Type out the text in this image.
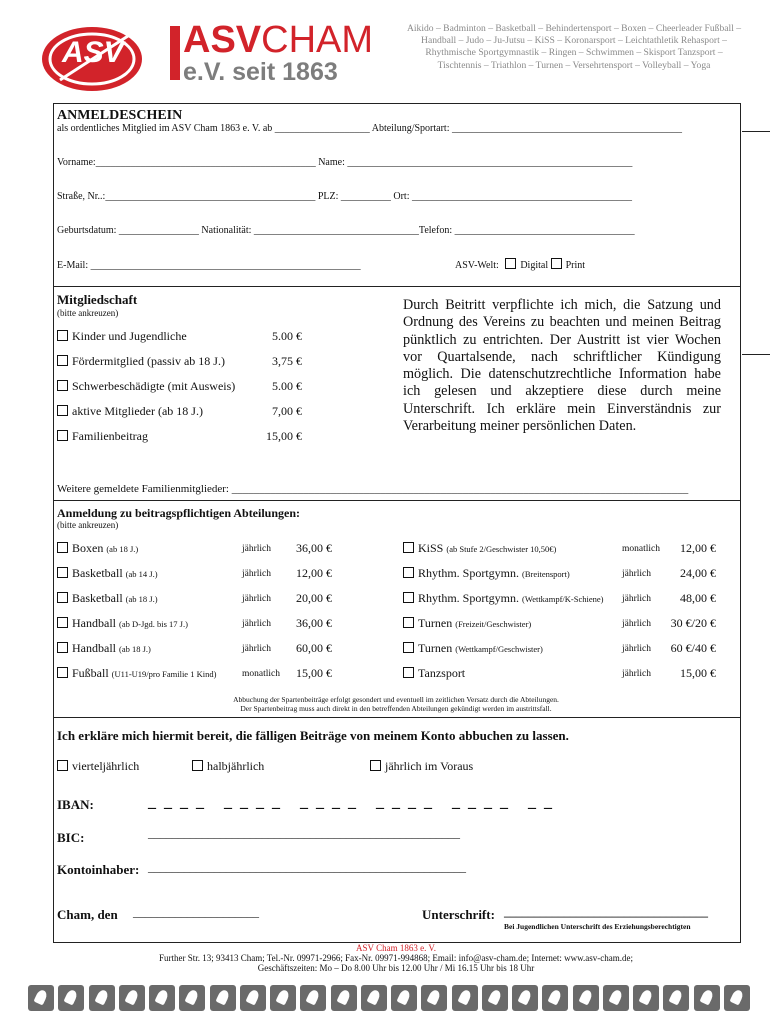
ASV ASVCHAM
e.V. seit 1863
Aikido – Badminton – Basketball – Behindertensport – Boxen – Cheerleader Fußball – Handball – Judo – Ju-Jutsu – KiSS – Koronarsport – Leichtathletik Rehasport – Rhythmische Sportgymnastik – Ringen – Schwimmen – Skisport Tanzsport – Tischtennis – Triathlon – Turnen – Versehrtensport – Volleyball – Yoga
ANMELDESCHEIN
als ordentliches Mitglied im ASV Cham 1863 e. V. ab ___________________ Abteilung/Sportart: ______________________________________________
Vorname:____________________________________________ Name: _________________________________________________________
Straße, Nr..:__________________________________________ PLZ: __________ Ort: ____________________________________________
Geburtsdatum: ________________ Nationalität: _________________________________Telefon: ____________________________________
E-Mail: ______________________________________________________	ASV-Welt: Digital Print
Mitgliedschaft
(bitte ankreuzen)
Kinder und Jugendliche	5.00 €
Fördermitglied (passiv ab 18 J.)	3,75 €
Schwerbeschädigte (mit Ausweis)	5.00 €
aktive Mitglieder (ab 18 J.)	7,00 €
Familienbeitrag	15,00 €
Durch Beitritt verpflichte ich mich, die Satzung und Ordnung des Vereins zu beachten und meinen Beitrag pünktlich zu entrichten. Der Austritt ist vier Wochen vor Quartalsende, nach schriftlicher Kündigung möglich. Die datenschutzrechtliche Information habe ich gelesen und akzeptiere diese durch meine Unterschrift. Ich erkläre mein Einverständnis zur Verarbeitung meiner persönlichen Daten.
Weitere gemeldete Familienmitglieder: ___________________________________________________________________________________
Anmeldung zu beitragspflichtigen Abteilungen:
(bitte ankreuzen)
Boxen (ab 18 J.)	jährlich	36,00 €
Basketball (ab 14 J.)	jährlich	12,00 €
Basketball (ab 18 J.)	jährlich	20,00 €
Handball (ab D-Jgd. bis 17 J.)	jährlich	36,00 €
Handball (ab 18 J.)	jährlich	60,00 €
Fußball (U11-U19/pro Familie 1 Kind)	monatlich	15,00 €
KiSS (ab Stufe 2/Geschwister 10,50€)	monatlich	12,00 €
Rhythm. Sportgymn. (Breitensport)	jährlich	24,00 €
Rhythm. Sportgymn. (Wettkampf/K-Schiene) jährlich	48,00 €
Turnen (Freizeit/Geschwister)	jährlich	30 €/20 €
Turnen (Wettkampf/Geschwister)	jährlich	60 €/40 €
Tanzsport	jährlich	15,00 €
Abbuchung der Spartenbeiträge erfolgt gesondert und eventuell im zeitlichen Versatz durch die Abteilungen.
Der Spartenbeitrag muss auch direkt in den betreffenden Abteilungen gekündigt werden im austrittsfall.
Ich erkläre mich hiermit bereit, die fälligen Beiträge von meinem Konto abbuchen zu lassen.
vierteljährlich	halbjährlich	jährlich im Voraus
IBAN:	_ _ _ _   _ _ _ _   _ _ _ _   _ _ _ _   _ _ _ _   _ _
BIC:	____________________________________________________
Kontoinhaber: _____________________________________________________
Cham, den _____________________	Unterschrift: __________________________________
Bei Jugendlichen Unterschrift des Erziehungsberechtigten
ASV Cham 1863 e. V.
Further Str. 13; 93413 Cham; Tel.-Nr. 09971-2966; Fax-Nr. 09971-994868; Email: info@asv-cham.de; Internet: www.asv-cham.de;
Geschäftszeiten: Mo – Do 8.00 Uhr bis 12.00 Uhr / Mi 16.15 Uhr bis 18 Uhr
